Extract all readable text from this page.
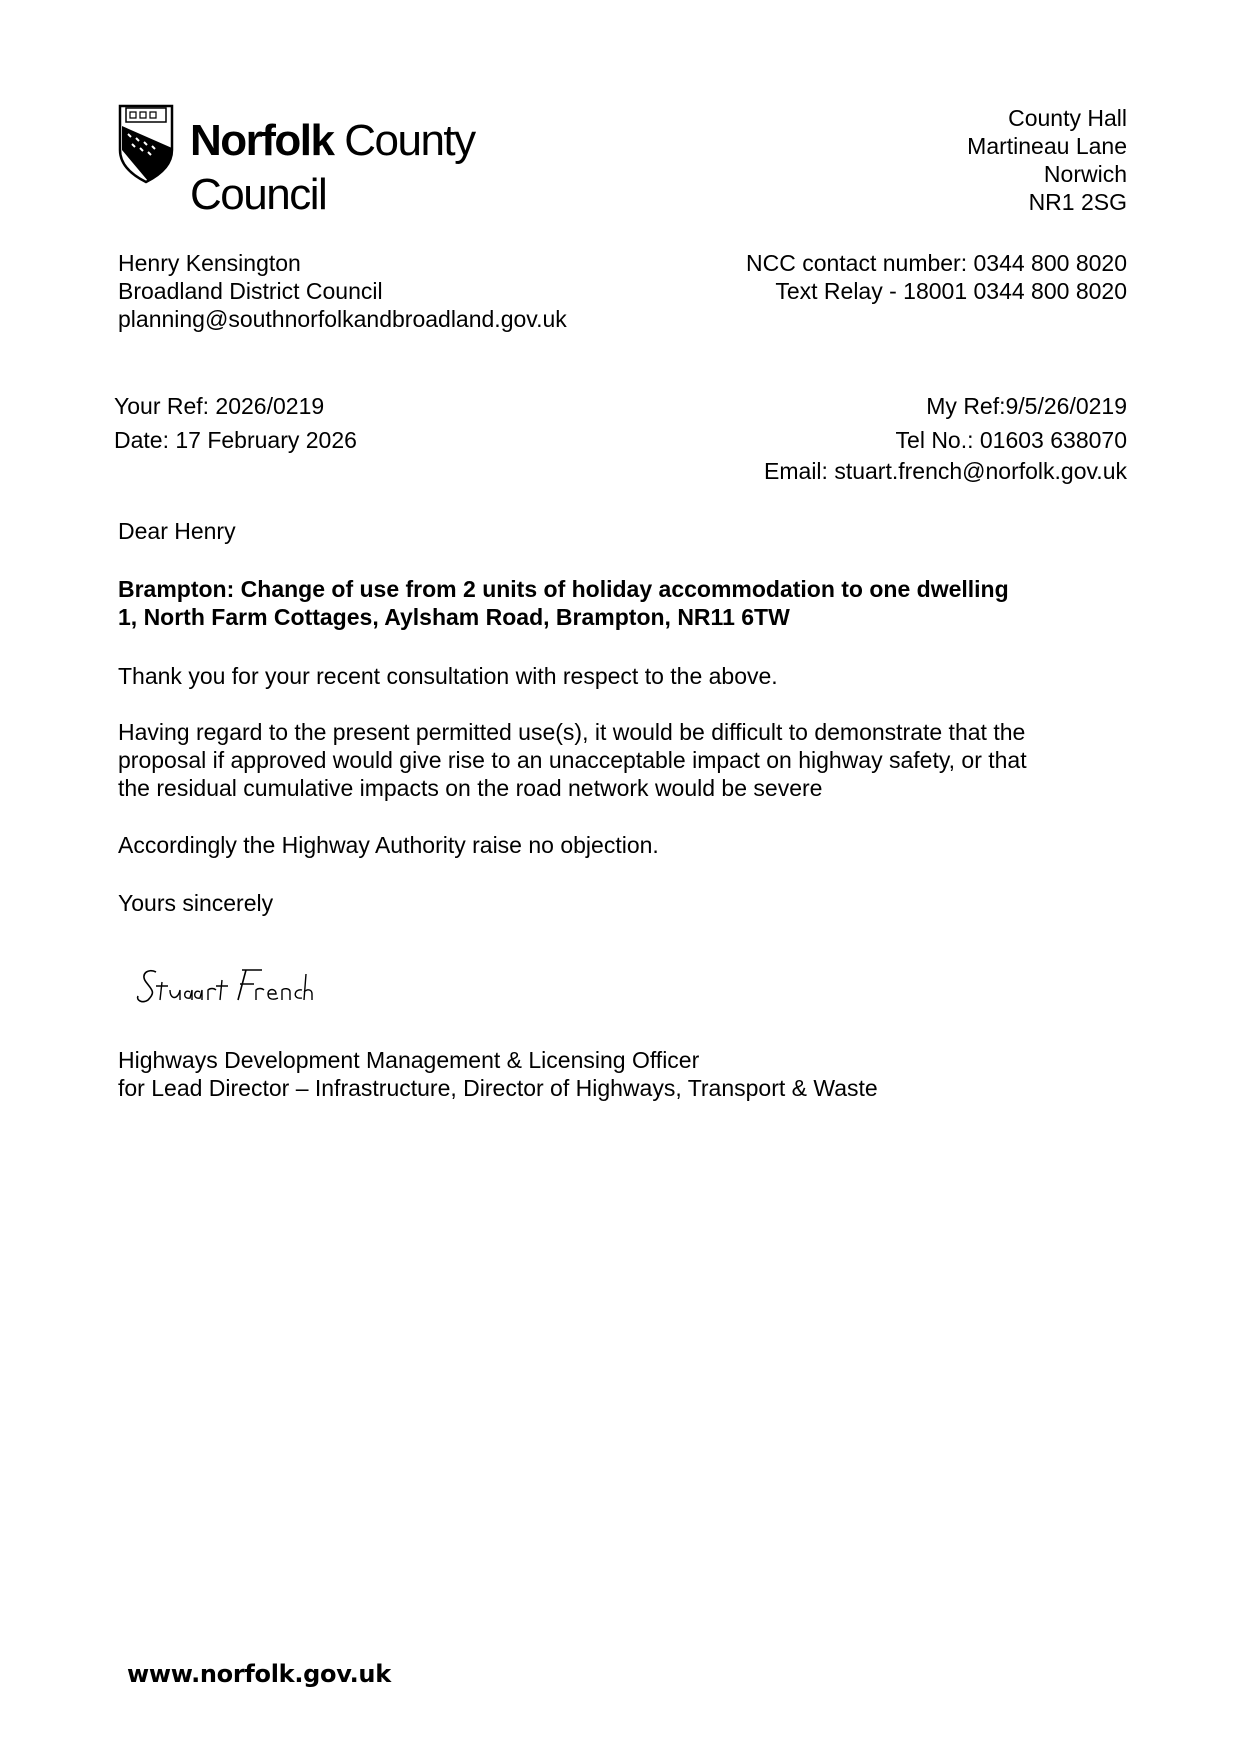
Norfolk County Council
County Hall
Martineau Lane
Norwich
NR1 2SG
Henry Kensington
Broadland District Council
planning@southnorfolkandbroadland.gov.uk
NCC contact number: 0344 800 8020
Text Relay - 18001 0344 800 8020
Your Ref: 2026/0219
Date: 17 February 2026
My Ref:9/5/26/0219
Tel No.: 01603 638070
Email: stuart.french@norfolk.gov.uk
Dear Henry
Brampton: Change of use from 2 units of holiday accommodation to one dwelling
1, North Farm Cottages, Aylsham Road, Brampton, NR11 6TW
Thank you for your recent consultation with respect to the above.
Having regard to the present permitted use(s), it would be difficult to demonstrate that the
proposal if approved would give rise to an unacceptable impact on highway safety, or that
the residual cumulative impacts on the road network would be severe
Accordingly the Highway Authority raise no objection.
Yours sincerely
Highways Development Management & Licensing Officer
for Lead Director – Infrastructure, Director of Highways, Transport & Waste
www.norfolk.gov.uk
